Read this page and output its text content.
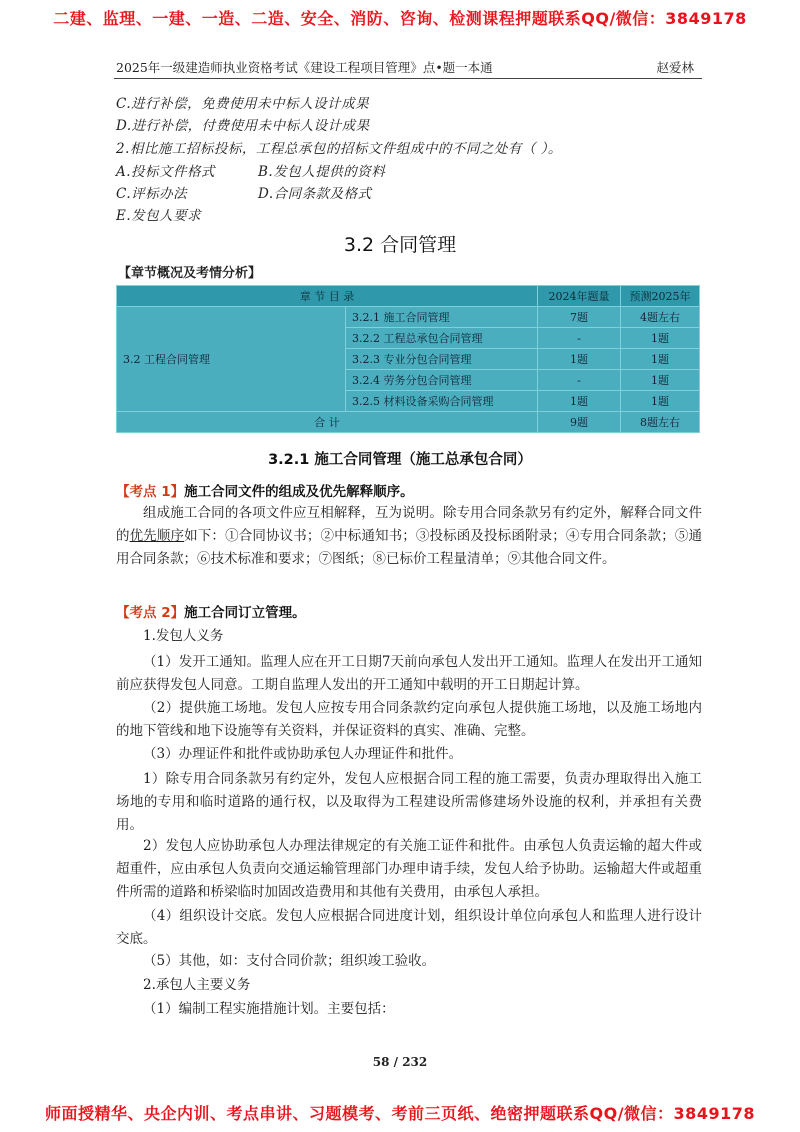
二建、监理、一建、一造、二造、安全、消防、咨询、检测课程押题联系QQ/微信：3849178
2025年一级建造师执业资格考试《建设工程项目管理》点•题一本通	赵爱林
C.进行补偿，免费使用未中标人设计成果
D.进行补偿，付费使用未中标人设计成果
2.相比施工招标投标，工程总承包的招标文件组成中的不同之处有（ ）。
A.投标文件格式	B.发包人提供的资料
C.评标办法	D.合同条款及格式
E.发包人要求
3.2 合同管理
【章节概况及考情分析】
章 节 目 录		2024年题量	预测2025年
3.2 工程合同管理	3.2.1 施工合同管理	7题	4题左右
	3.2.2 工程总承包合同管理	-	1题
	3.2.3 专业分包合同管理	1题	1题
	3.2.4 劳务分包合同管理	-	1题
	3.2.5 材料设备采购合同管理	1题	1题
合 计		9题	8题左右
3.2.1 施工合同管理（施工总承包合同）
【考点 1】施工合同文件的组成及优先解释顺序。
组成施工合同的各项文件应互相解释，互为说明。除专用合同条款另有约定外，解释合同文件的优先顺序如下：①合同协议书；②中标通知书；③投标函及投标函附录；④专用合同条款；⑤通用合同条款；⑥技术标准和要求；⑦图纸；⑧已标价工程量清单；⑨其他合同文件。
【考点 2】施工合同订立管理。
1.发包人义务
（1）发开工通知。监理人应在开工日期7天前向承包人发出开工通知。监理人在发出开工通知前应获得发包人同意。工期自监理人发出的开工通知中载明的开工日期起计算。
（2）提供施工场地。发包人应按专用合同条款约定向承包人提供施工场地，以及施工场地内的地下管线和地下设施等有关资料，并保证资料的真实、准确、完整。
（3）办理证件和批件或协助承包人办理证件和批件。
1）除专用合同条款另有约定外，发包人应根据合同工程的施工需要，负责办理取得出入施工场地的专用和临时道路的通行权，以及取得为工程建设所需修建场外设施的权利，并承担有关费用。
2）发包人应协助承包人办理法律规定的有关施工证件和批件。由承包人负责运输的超大件或超重件，应由承包人负责向交通运输管理部门办理申请手续，发包人给予协助。运输超大件或超重件所需的道路和桥梁临时加固改造费用和其他有关费用，由承包人承担。
（4）组织设计交底。发包人应根据合同进度计划，组织设计单位向承包人和监理人进行设计交底。
（5）其他，如：支付合同价款；组织竣工验收。
2.承包人主要义务
（1）编制工程实施措施计划。主要包括：
58 / 232
师面授精华、央企内训、考点串讲、习题模考、考前三页纸、绝密押题联系QQ/微信：3849178
